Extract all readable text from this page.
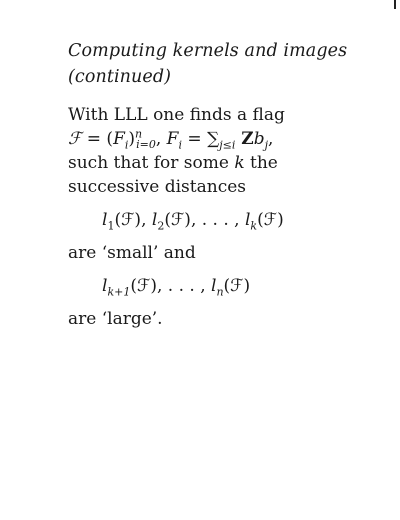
Computing kernels and images
(continued)
With LLL one finds a flag
ℱ = $(F_i)^n_{i=0}$, $F_i = \sum_{j\le i}$ $Zb_j$,
such that for some k the
successive distances
$l_1(ℱ)$, $l_2(ℱ)$, . . . , $l_k(ℱ)$
are ‘small’ and
$l_{k+1}(ℱ)$, . . . , $l_n(ℱ)$
are ‘large’.
